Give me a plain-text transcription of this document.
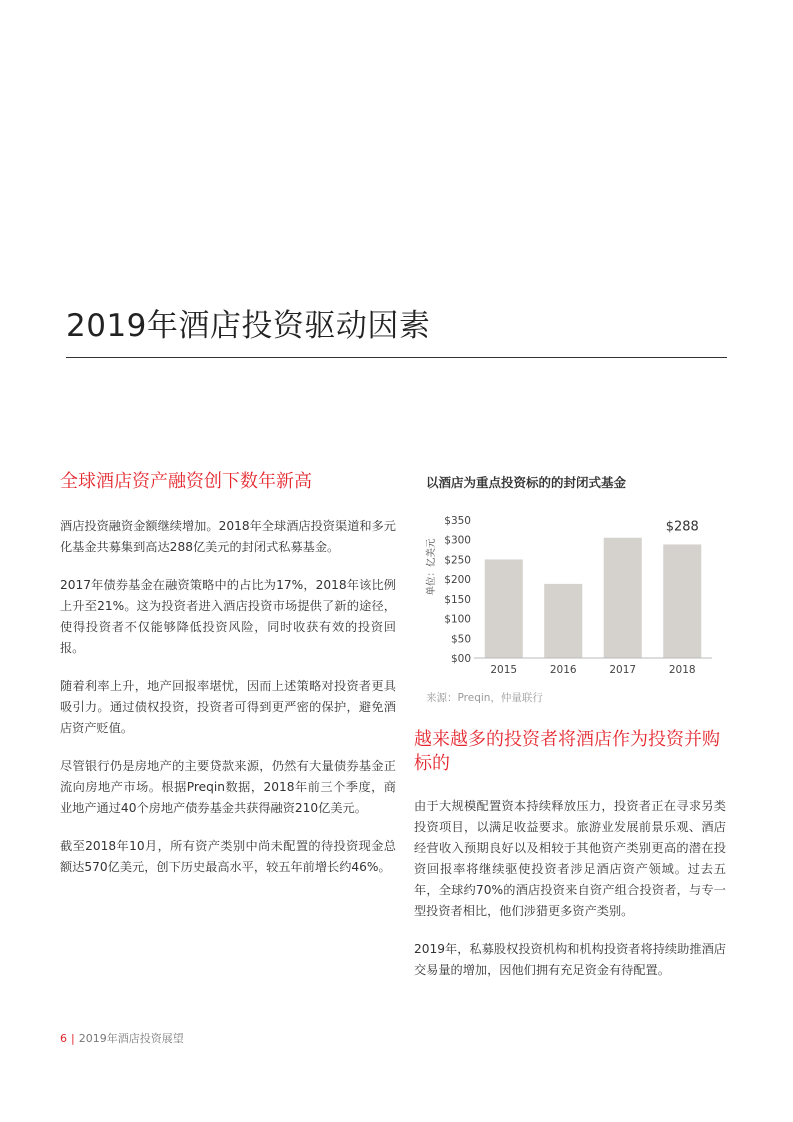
2019年酒店投资驱动因素
全球酒店资产融资创下数年新高

酒店投资融资金额继续增加。2018年全球酒店投资渠道和多元化基金共募集到高达288亿美元的封闭式私募基金。

2017年债券基金在融资策略中的占比为17%，2018年该比例上升至21%。这为投资者进入酒店投资市场提供了新的途径，使得投资者不仅能够降低投资风险，同时收获有效的投资回报。

随着利率上升，地产回报率堪忧，因而上述策略对投资者更具吸引力。通过债权投资，投资者可得到更严密的保护，避免酒店资产贬值。

尽管银行仍是房地产的主要贷款来源，仍然有大量债券基金正流向房地产市场。根据Preqin数据，2018年前三个季度，商业地产通过40个房地产债券基金共获得融资210亿美元。

截至2018年10月，所有资产类别中尚未配置的待投资现金总额达570亿美元，创下历史最高水平，较五年前增长约46%。

以酒店为重点投资标的的封闭式基金

单位：亿美元
$00
$50
$100
$150
$200
$250
$300
$350
2015	2016	2017	2018
$288

来源：Preqin，仲量联行

越来越多的投资者将酒店作为投资并购标的

由于大规模配置资本持续释放压力，投资者正在寻求另类投资项目，以满足收益要求。旅游业发展前景乐观、酒店经营收入预期良好以及相较于其他资产类别更高的潜在投资回报率将继续驱使投资者涉足酒店资产领域。过去五年，全球约70%的酒店投资来自资产组合投资者，与专一型投资者相比，他们涉猎更多资产类别。

2019年，私募股权投资机构和机构投资者将持续助推酒店交易量的增加，因他们拥有充足资金有待配置。

6 | 2019年酒店投资展望
